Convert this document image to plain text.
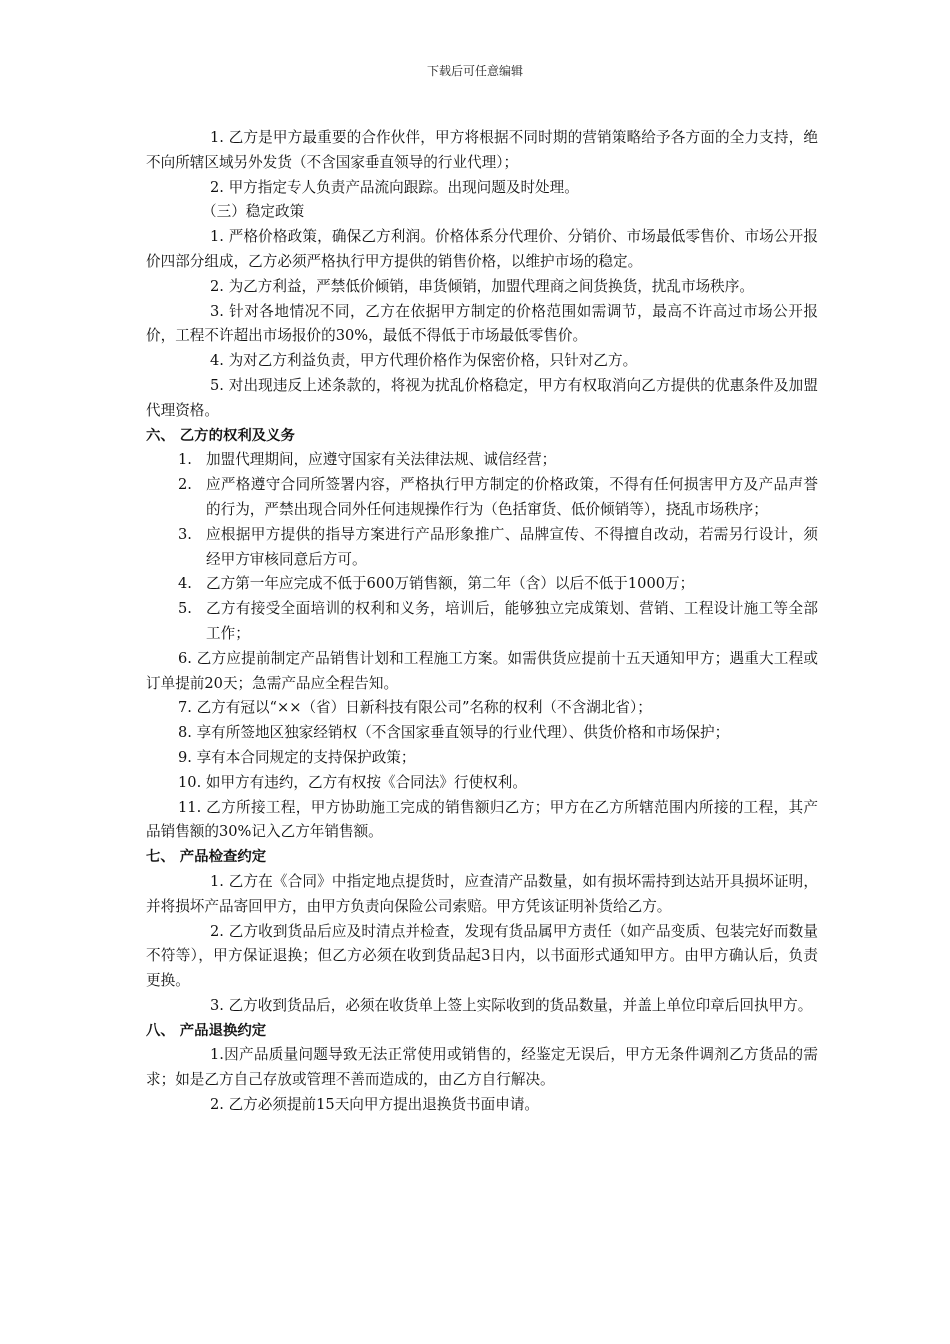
下载后可任意编辑

1. 乙方是甲方最重要的合作伙伴，甲方将根据不同时期的营销策略给予各方面的全力支持，绝不向所辖区域另外发货（不含国家垂直领导的行业代理）；

2. 甲方指定专人负责产品流向跟踪。出现问题及时处理。

（三）稳定政策

1. 严格价格政策，确保乙方利润。价格体系分代理价、分销价、市场最低零售价、市场公开报价四部分组成，乙方必须严格执行甲方提供的销售价格，以维护市场的稳定。

2. 为乙方利益，严禁低价倾销，串货倾销，加盟代理商之间货换货，扰乱市场秩序。

3. 针对各地情况不同，乙方在依据甲方制定的价格范围如需调节，最高不许高过市场公开报价，工程不许超出市场报价的30%，最低不得低于市场最低零售价。

4. 为对乙方利益负责，甲方代理价格作为保密价格，只针对乙方。

5. 对出现违反上述条款的，将视为扰乱价格稳定，甲方有权取消向乙方提供的优惠条件及加盟代理资格。

六、 乙方的权利及义务

1. 加盟代理期间，应遵守国家有关法律法规、诚信经营；
2. 应严格遵守合同所签署内容，严格执行甲方制定的价格政策，不得有任何损害甲方及产品声誉的行为，严禁出现合同外任何违规操作行为（色括窜货、低价倾销等），挠乱市场秩序；
3. 应根据甲方提供的指导方案进行产品形象推广、品牌宣传、不得擅自改动，若需另行设计，须经甲方审核同意后方可。
4. 乙方第一年应完成不低于600万销售额，第二年（含）以后不低于1000万；
5. 乙方有接受全面培训的权利和义务，培训后，能够独立完成策划、营销、工程设计施工等全部工作；

6. 乙方应提前制定产品销售计划和工程施工方案。如需供货应提前十五天通知甲方；遇重大工程或订单提前20天；急需产品应全程告知。

7. 乙方有冠以“××（省）日新科技有限公司”名称的权利（不含湖北省）；

8. 享有所签地区独家经销权（不含国家垂直领导的行业代理）、供货价格和市场保护；

9. 享有本合同规定的支持保护政策；

10. 如甲方有违约，乙方有权按《合同法》行使权利。

11. 乙方所接工程，甲方协助施工完成的销售额归乙方；甲方在乙方所辖范围内所接的工程，其产品销售额的30%记入乙方年销售额。

七、 产品检查约定

1. 乙方在《合同》中指定地点提货时，应查清产品数量，如有损坏需持到达站开具损坏证明，并将损坏产品寄回甲方，由甲方负责向保险公司索赔。甲方凭该证明补货给乙方。

2. 乙方收到货品后应及时清点并检查，发现有货品属甲方责任（如产品变质、包装完好而数量不符等），甲方保证退换；但乙方必须在收到货品起3日内，以书面形式通知甲方。由甲方确认后，负责更换。

3. 乙方收到货品后，必须在收货单上签上实际收到的货品数量，并盖上单位印章后回执甲方。

八、 产品退换约定

1.因产品质量问题导致无法正常使用或销售的，经鉴定无误后，甲方无条件调剂乙方货品的需求；如是乙方自己存放或管理不善而造成的，由乙方自行解决。

2. 乙方必须提前15天向甲方提出退换货书面申请。
